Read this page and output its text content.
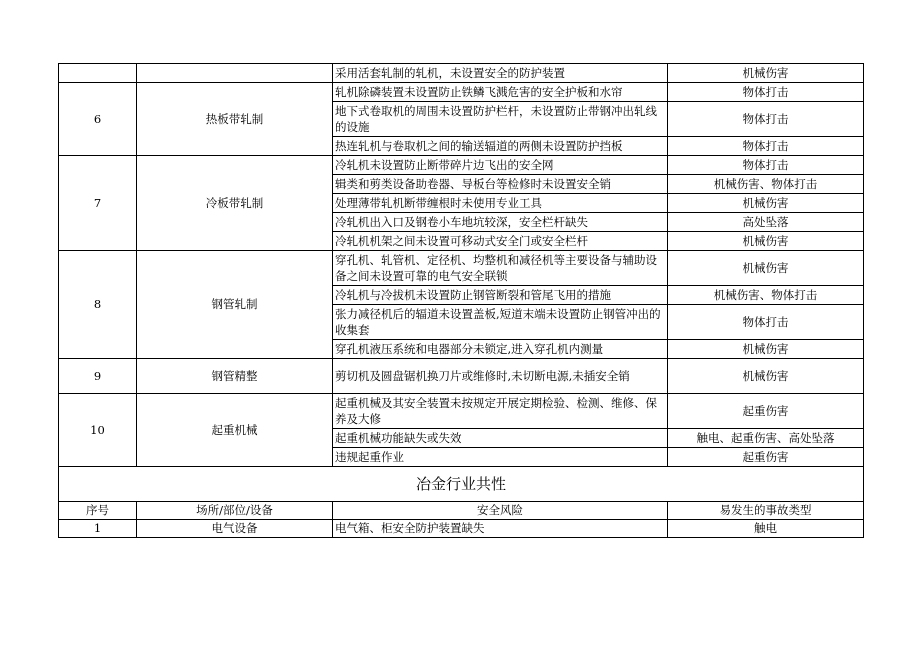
		采用活套轧制的轧机，未设置安全的防护装置	机械伤害
6	热板带轧制	轧机除磷装置未设置防止铁鳞飞溅危害的安全护板和水帘	物体打击
		地下式卷取机的周围未设置防护栏杆，未设置防止带钢冲出轧线的设施	物体打击
		热连轧机与卷取机之间的输送辐道的两侧未设置防护挡板	物体打击
7	冷板带轧制	冷轧机未设置防止断带碎片边飞出的安全网	物体打击
		辑类和剪类设备助卷器、导板台等检修时未设置安全销	机械伤害、物体打击
		处理薄带轧机断带缠根时未使用专业工具	机械伤害
		冷轧机出入口及钢卷小车地坑较深，安全栏杆缺失	高处坠落
		冷轧机机架之间未设置可移动式安全门或安全栏杆	机械伤害
8	钢管轧制	穿孔机、轧管机、定径机、均整机和减径机等主要设备与辅助设备之间未设置可靠的电气安全联锁	机械伤害
		冷轧机与冷拔机未设置防止钢管断裂和管尾飞用的措施	机械伤害、物体打击
		张力减径机后的辐道未设置盖板,短道末端未设置防止钢管冲出的收集套	物体打击
		穿孔机液压系统和电器部分未锁定,进入穿孔机内测量	机械伤害
9	钢管精整	剪切机及圆盘锯机换刀片或维修时,未切断电源,未插安全销	机械伤害
10	起重机械	起重机械及其安全装置未按规定开展定期检验、检测、维修、保养及大修	起重伤害
		起重机械功能缺失或失效	触电、起重伤害、高处坠落
		违规起重作业	起重伤害
冶金行业共性			
序号	场所/部位/设备	安全风险	易发生的事故类型
1	电气设备	电气箱、柜安全防护装置缺失	触电
